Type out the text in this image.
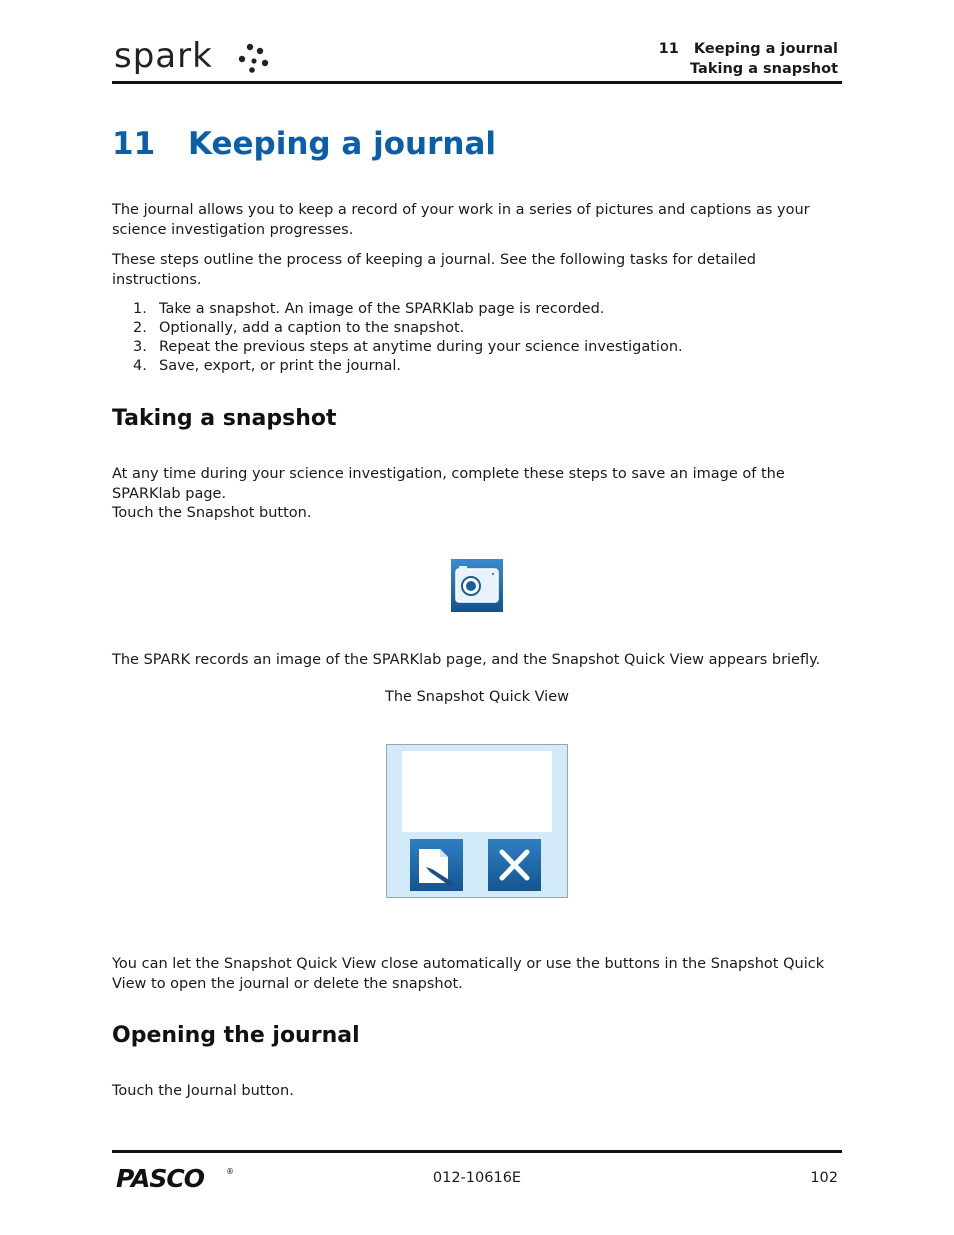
spark	11   Keeping a journal
Taking a snapshot
11 Keeping a journal

The journal allows you to keep a record of your work in a series of pictures and captions as your science investigation progresses.

These steps outline the process of keeping a journal. See the following tasks for detailed instructions.

1. Take a snapshot. An image of the SPARKlab page is recorded.
2. Optionally, add a caption to the snapshot.
3. Repeat the previous steps at anytime during your science investigation.
4. Save, export, or print the journal.
Taking a snapshot

At any time during your science investigation, complete these steps to save an image of the SPARKlab page.

Touch the Snapshot button.

The SPARK records an image of the SPARKlab page, and the Snapshot Quick View appears briefly.

The Snapshot Quick View

You can let the Snapshot Quick View close automatically or use the buttons in the Snapshot Quick View to open the journal or delete the snapshot.

Opening the journal

Touch the Journal button.

PASCO	®	012-10616E	102
